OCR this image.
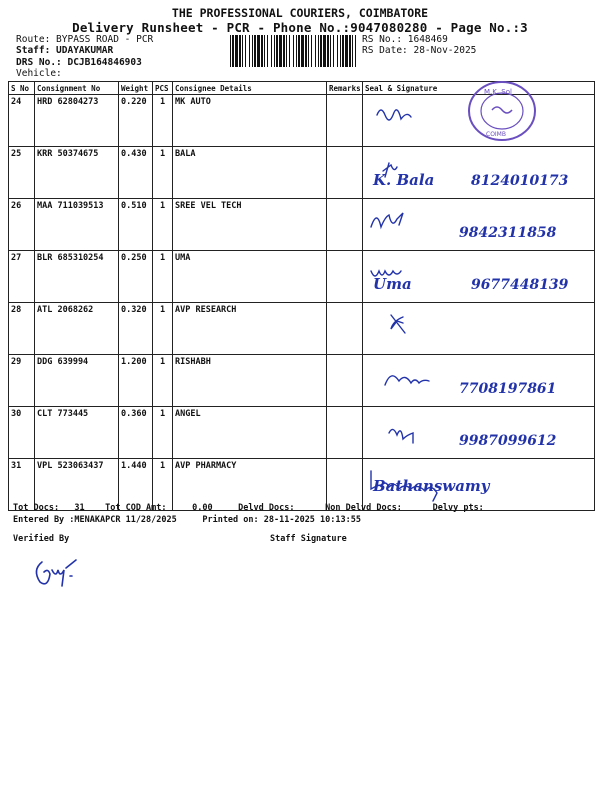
THE PROFESSIONAL COURIERS, COIMBATORE
Delivery Runsheet - PCR - Phone No.:9047080280 - Page No.:3
Route: BYPASS ROAD - PCR
Staff: UDAYAKUMAR
DRS No.: DCJB164846903
Vehicle:
RS No.: 1648469
RS Date: 28-Nov-2025
S No	Consignment No	Weight	PCS	Consignee Details	Remarks	Seal & Signature
24	HRD 62804273	0.220	1	MK AUTO		

25	KRR 50374675	0.430	1	BALA		K. Bala 8124010173

26	MAA 711039513	0.510	1	SREE VEL TECH		9842311858

27	BLR 685310254	0.250	1	UMA		Uma 9677448139

28	ATL 2068262	0.320	1	AVP RESEARCH		

29	DDG 639994	1.200	1	RISHABH		7708197861

30	CLT 773445	0.360	1	ANGEL		9987099612

31	VPL 523063437	1.440	1	AVP PHARMACY		Bathanswamy
M.K. Sol
COIMB
Tot Docs:   31    Tot COD Amt:     0.00     Delvd Docs:      Non Delvd Docs:      Delvy pts:
Entered By :MENAKAPCR 11/28/2025     Printed on: 28-11-2025 10:13:55
Verified By	Staff Signature
